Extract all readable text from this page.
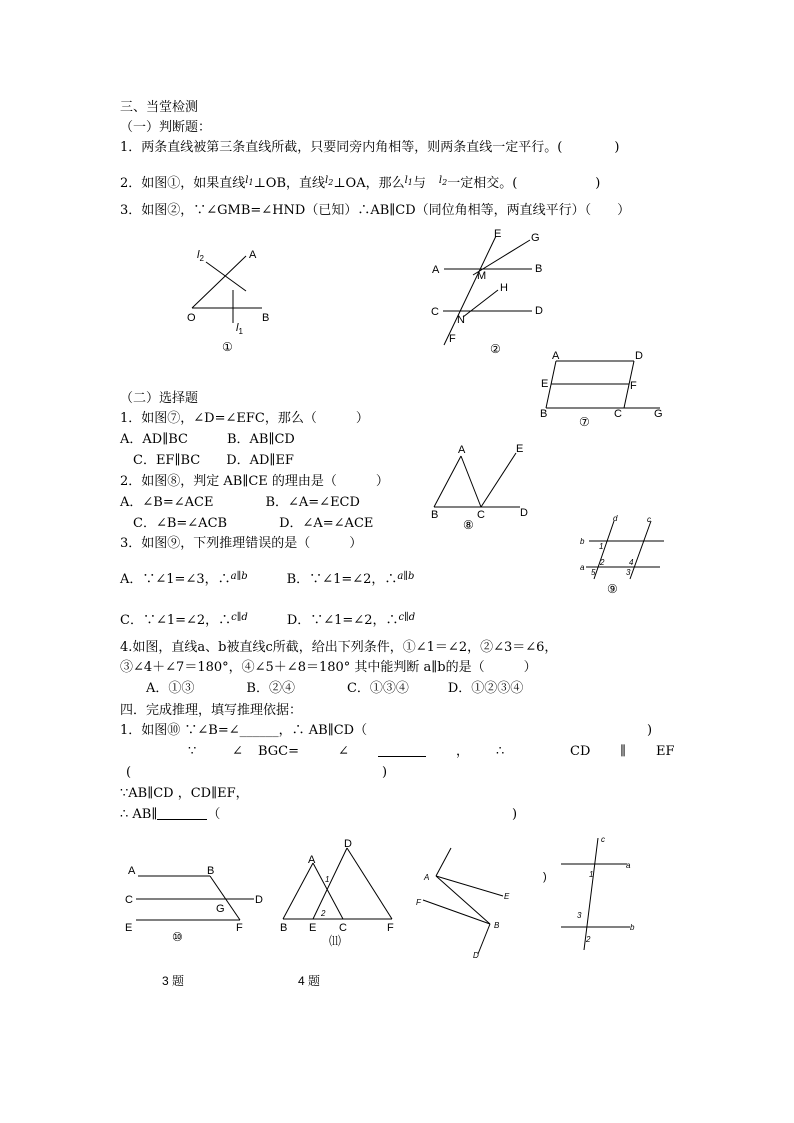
三、当堂检测
（一）判断题：
1．两条直线被第三条直线所截，只要同旁内角相等，则两条直线一定平行。(　　　　)
2．如图①，如果直线$^l$1⊥OB，直线$^l$2⊥OA，那么$^l$1与　 $^l$2一定相交。(　　　　　　)
3．如图②，∵∠GMB=∠HND（已知）∴AB∥CD（同位角相等，两直线平行）（　　）
（二）选择题
1．如图⑦，∠D=∠EFC，那么（　　　）
A．AD∥BC　　　B．AB∥CD
C．EF∥BC　　D．AD∥EF
2．如图⑧，判定 AB∥CE 的理由是（　　　）
A．∠B=∠ACE　　　　B．∠A=∠ECD
C．∠B=∠ACB　　　　D．∠A=∠ACE
3．如图⑨，下列推理错误的是（　　　）
A．∵∠1=∠3，∴$^{a\parallel b}$　　　	B．∵∠1=∠2，∴$^{a\parallel b}$
C．∵∠1=∠2，∴$^{c\parallel d}$　　　	D．∵∠1=∠2，∴$^{c\parallel d}$
4.如图，直线a、b被直线c所截，给出下列条件，①∠1＝∠2，②∠3＝∠6，
③∠4＋∠7＝180°，④∠5＋∠8＝180° 其中能判断 a∥b的是（　　　）
A．①③　　　　B．②④　　　　C．①③④　　　D．①②③④
四．完成推理，填写推理依据：
1．如图⑩ ∵∠B=∠______，∴ AB∥CD（	)
∵	∠ BGC=	∠	， ∴	CD ∥ EF
(	)
∵AB∥CD ，CD∥EF，
∴ AB∥	（	)
$l_2$	A
O	B
$l_1$
①
E	G
A	M
B
H
C
N
D
F
②	A	D
E	F
B	C	G
⑦
A	E
B	C	D
⑧	d	c
b
a
1
2
3
4
5
⑨
A	B
C	D
G
E	F
⑩
A
D
1
2
B E C	F
⑾
A
E
F
B
D
3 题
)
c
a
1
3
2
b
4 题
